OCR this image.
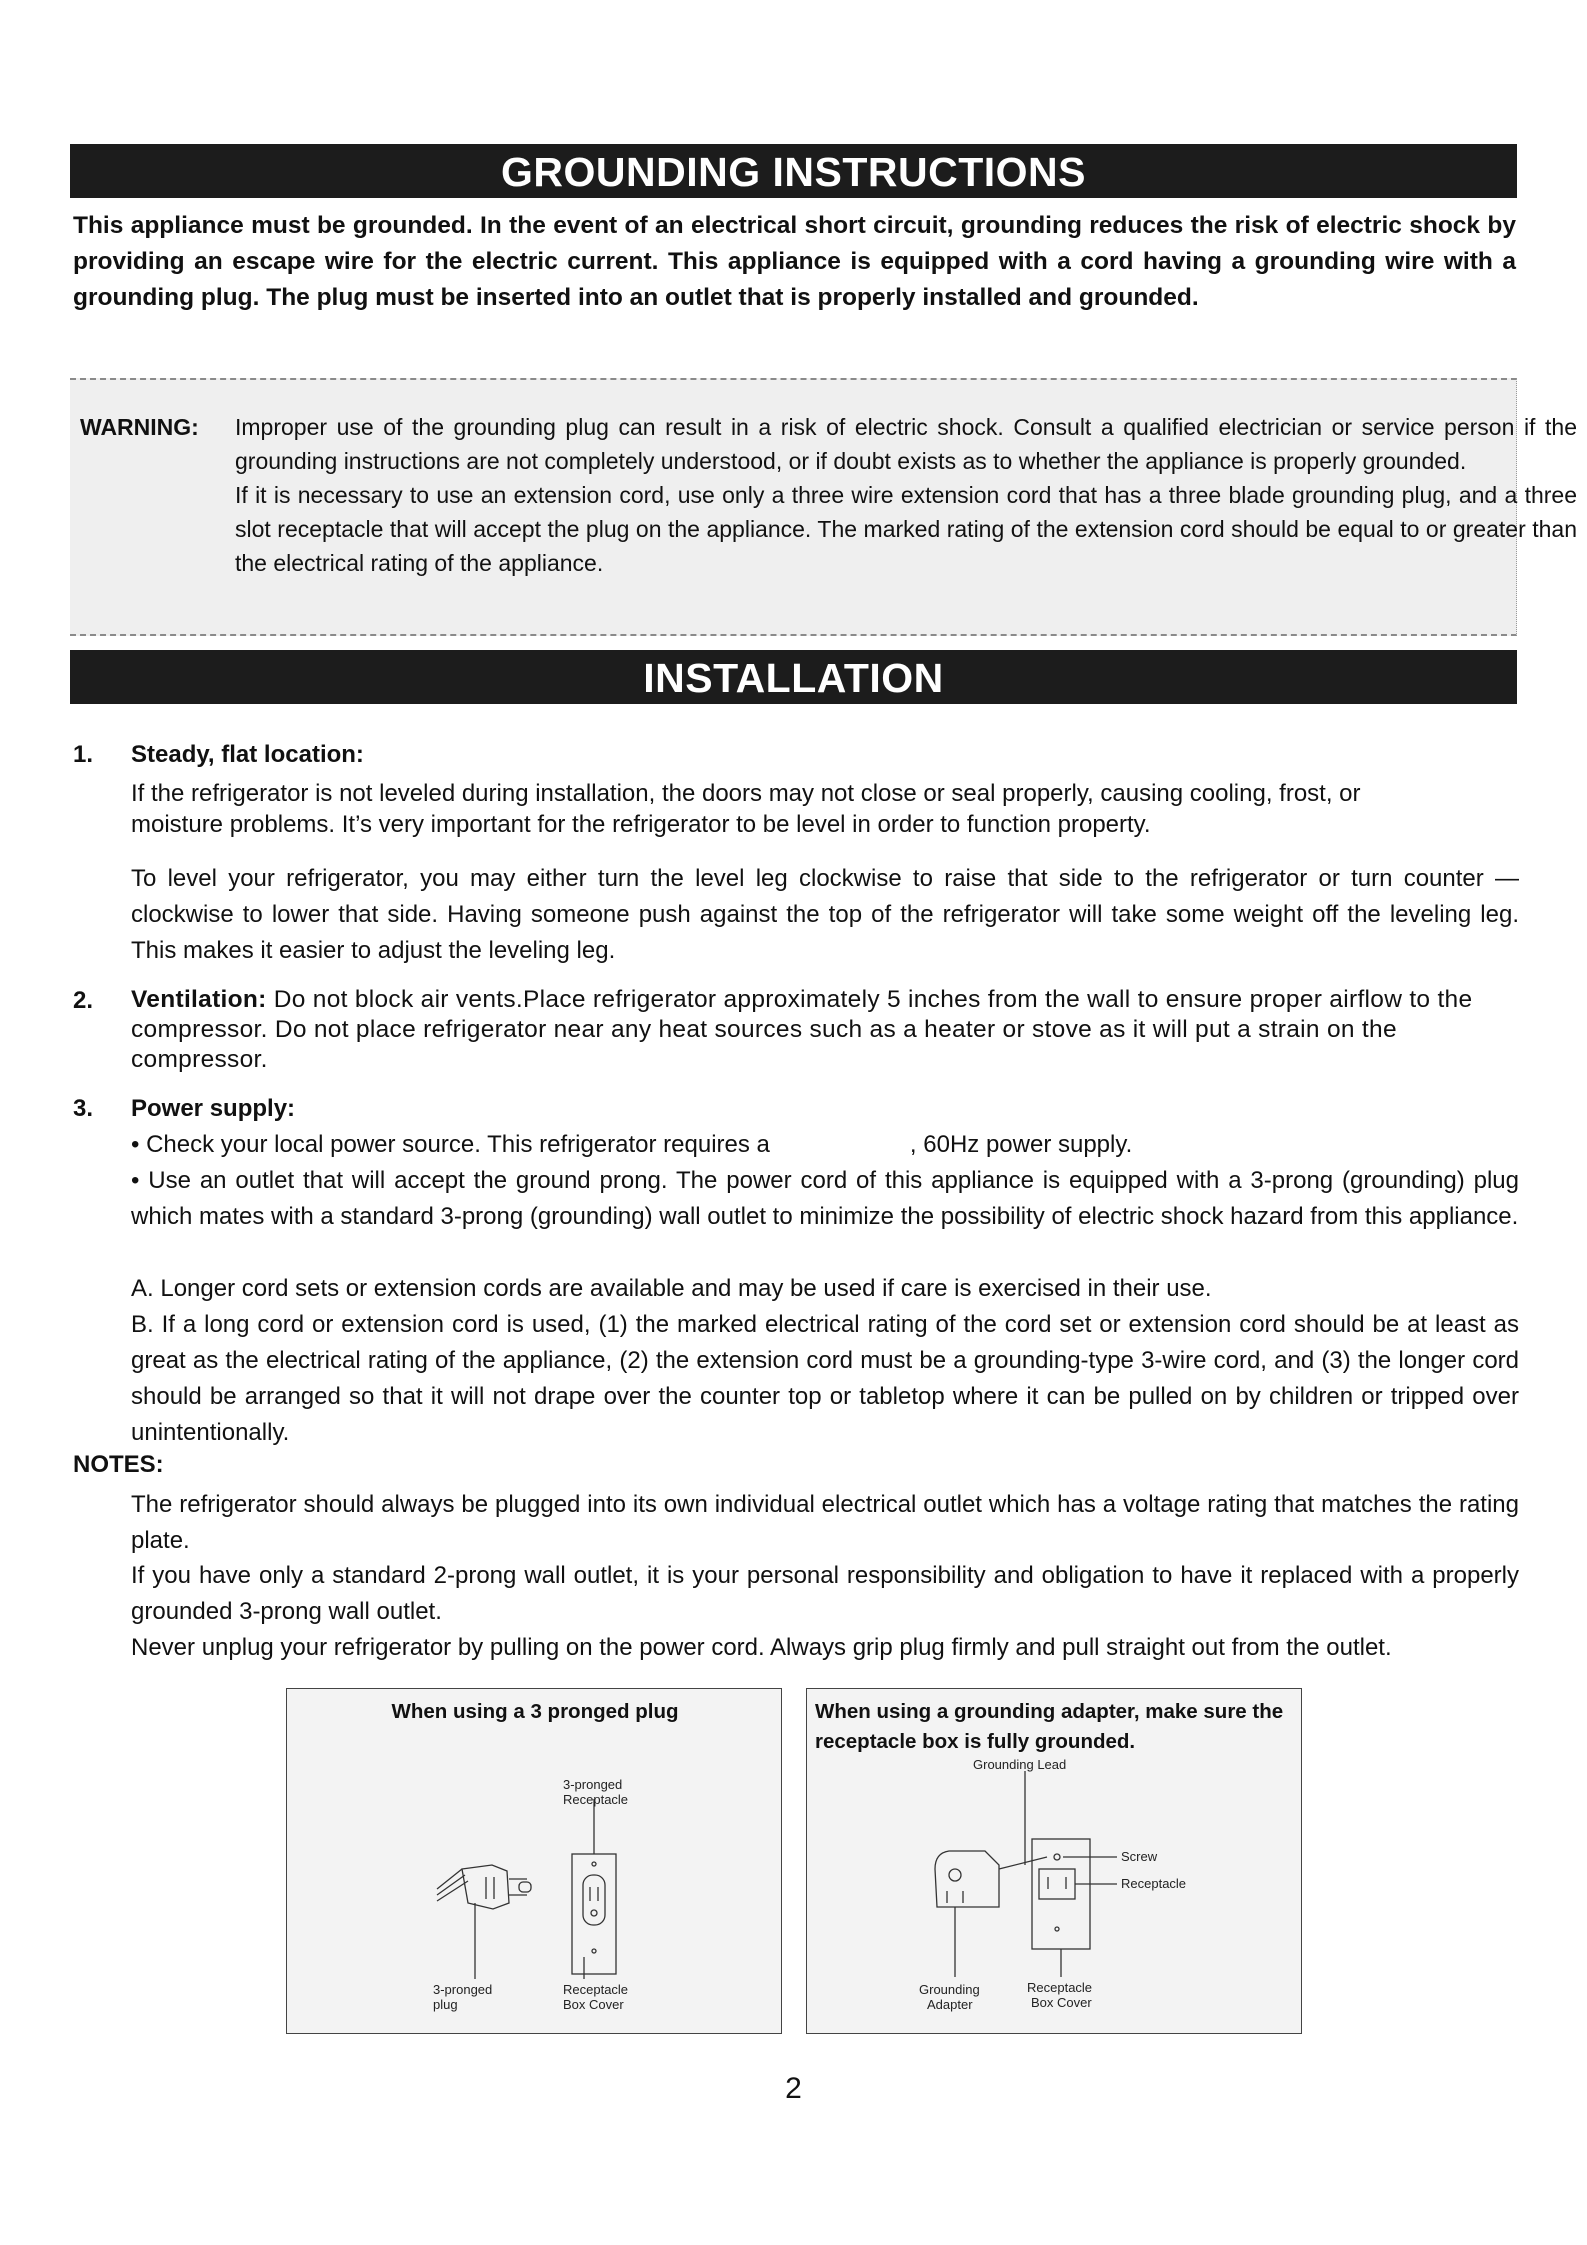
GROUNDING INSTRUCTIONS

This appliance must be grounded. In the event of an electrical short circuit, grounding reduces the risk of electric shock by providing an escape wire for the electric current. This appliance is equipped with a cord having a grounding wire with a grounding plug. The plug must be inserted into an outlet that is properly installed and grounded.

WARNING: Improper use of the grounding plug can result in a risk of electric shock. Consult a qualified electrician or service person if the grounding instructions are not completely understood, or if doubt exists as to whether the appliance is properly grounded.

If it is necessary to use an extension cord, use only a three wire extension cord that has a three blade grounding plug, and a three slot receptacle that will accept the plug on the appliance. The marked rating of the extension cord should be equal to or greater than the electrical rating of the appliance.

INSTALLATION
1. Steady, flat location:

If the refrigerator is not leveled during installation, the doors may not close or seal properly, causing cooling, frost, or moisture problems. It’s very important for the refrigerator to be level in order to function property.

To level your refrigerator, you may either turn the level leg clockwise to raise that side to the refrigerator or turn counter —clockwise to lower that side. Having someone push against the top of the refrigerator will take some weight off the leveling leg. This makes it easier to adjust the leveling leg.

2. Ventilation: Do not block air vents.Place refrigerator approximately 5 inches from the wall to ensure proper airflow to the compressor. Do not place refrigerator near any heat sources such as a heater or stove as it will put a strain on the compressor.

3. Power supply:

• Check your local power source. This refrigerator requires a	, 60Hz power supply.

• Use an outlet that will accept the ground prong. The power cord of this appliance is equipped with a 3-prong (grounding) plug which mates with a standard 3-prong (grounding) wall outlet to minimize the possibility of electric shock hazard from this appliance.

A. Longer cord sets or extension cords are available and may be used if care is exercised in their use.

B. If a long cord or extension cord is used, (1) the marked electrical rating of the cord set or extension cord should be at least as great as the electrical rating of the appliance, (2) the extension cord must be a grounding-type 3-wire cord, and (3) the longer cord should be arranged so that it will not drape over the counter top or tabletop where it can be pulled on by children or tripped over unintentionally.

NOTES:

The refrigerator should always be plugged into its own individual electrical outlet which has a voltage rating that matches the rating plate.

If you have only a standard 2-prong wall outlet, it is your personal responsibility and obligation to have it replaced with a properly grounded 3-prong wall outlet.

Never unplug your refrigerator by pulling on the power cord. Always grip plug firmly and pull straight out from the outlet.

When using a 3 pronged plug

3-pronged
Receptacle
3-pronged
plug
Receptacle
Box Cover

When using a grounding adapter, make sure the receptacle box is fully grounded.

Grounding Lead
Screw
Receptacle
Grounding
Adapter
Receptacle
Box Cover
2
